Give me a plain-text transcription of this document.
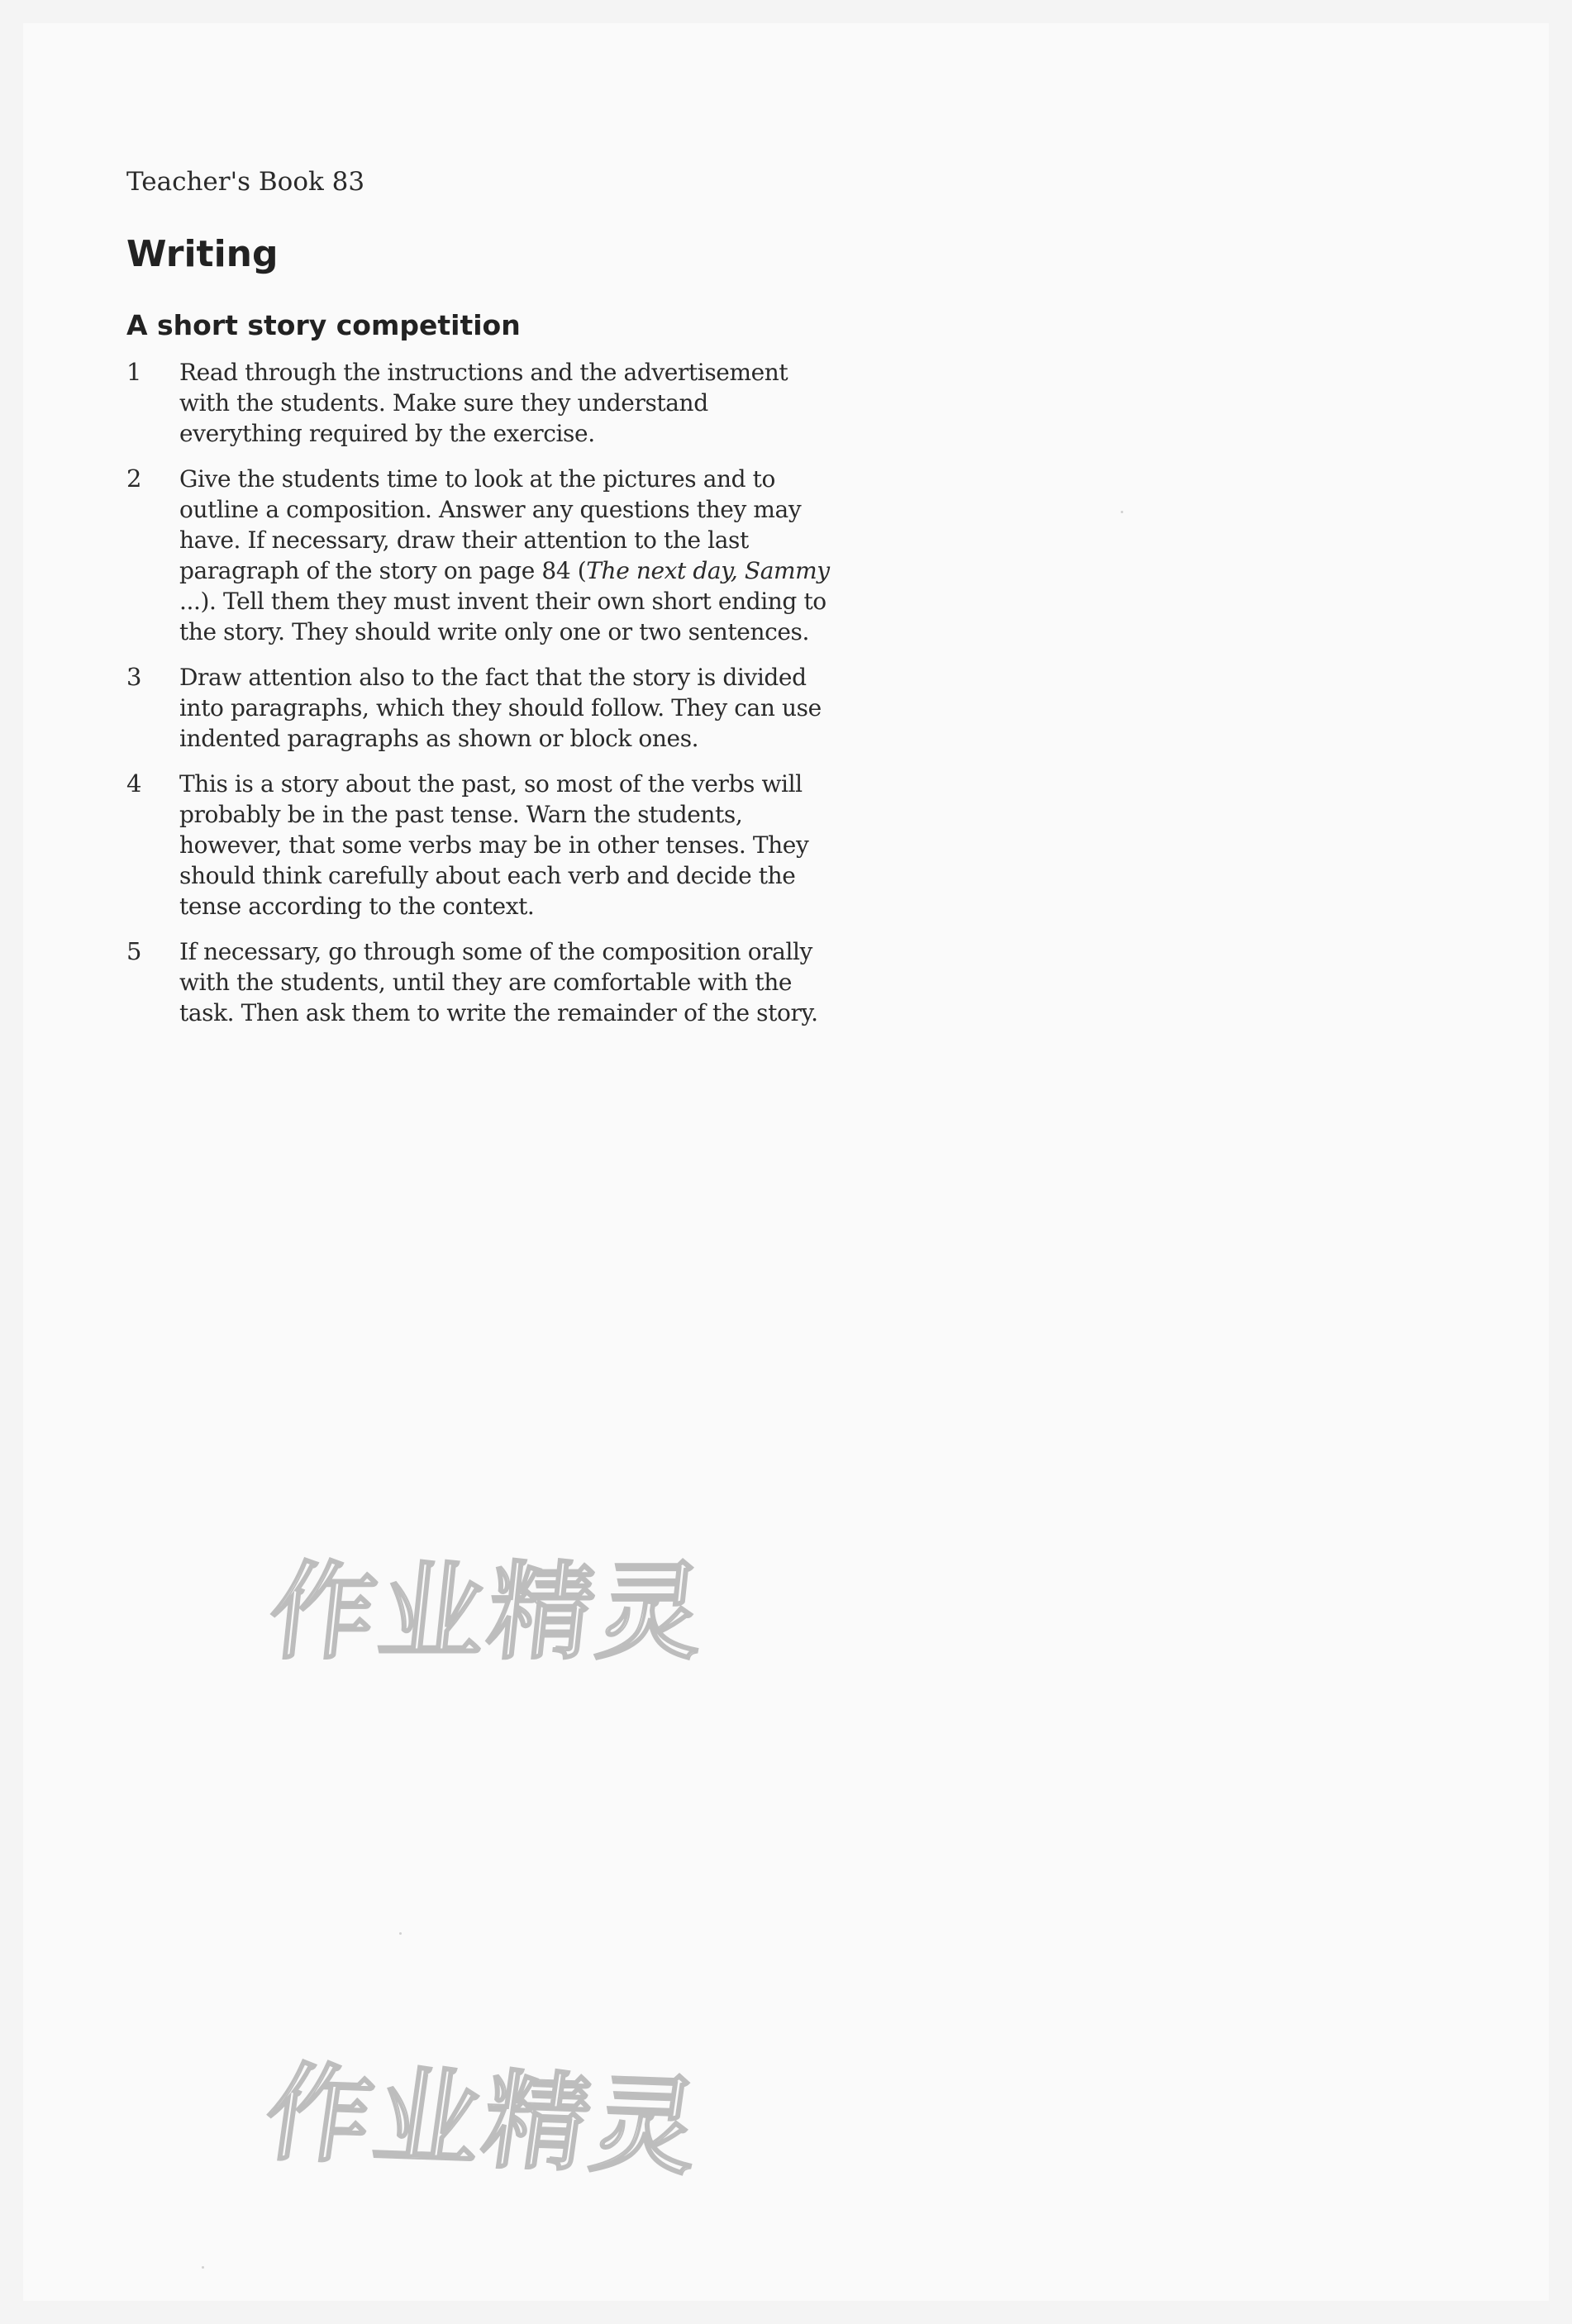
Teacher's Book 83
Writing
A short story competition
1	Read through the instructions and the advertisement with the students. Make sure they understand everything required by the exercise.
2	Give the students time to look at the pictures and to outline a composition. Answer any questions they may have. If necessary, draw their attention to the last paragraph of the story on page 84 (The next day, Sammy ...). Tell them they must invent their own short ending to the story. They should write only one or two sentences.
3	Draw attention also to the fact that the story is divided into paragraphs, which they should follow. They can use indented paragraphs as shown or block ones.
4	This is a story about the past, so most of the verbs will probably be in the past tense. Warn the students, however, that some verbs may be in other tenses. They should think carefully about each verb and decide the tense according to the context.
5	If necessary, go through some of the composition orally with the students, until they are comfortable with the task. Then ask them to write the remainder of the story.
作业精灵
作业精灵
